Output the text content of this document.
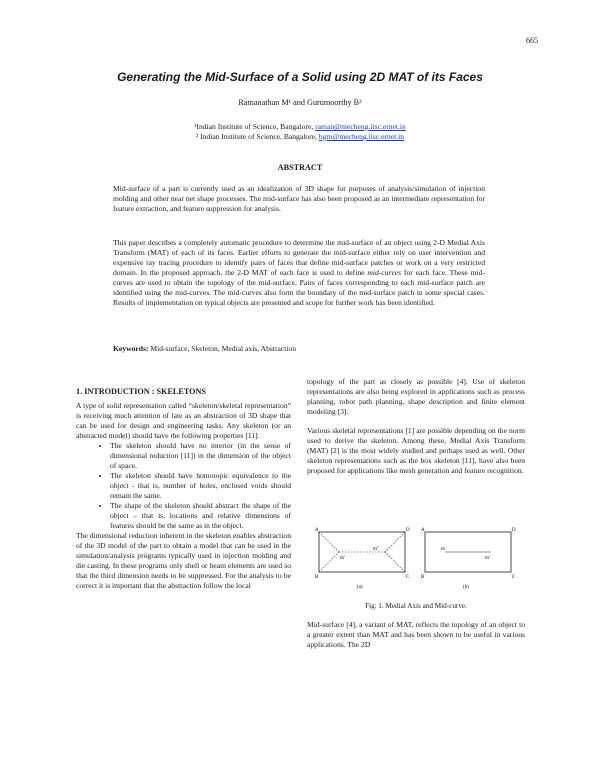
665
Generating the Mid-Surface of a Solid using 2D MAT of its Faces
Ramanathan M¹ and Gurumoorthy B²
¹Indian Institute of Science, Bangalore, raman@mecheng.iisc.ernet.in
² Indian Institute of Science, Bangalore, bgm@mecheng.iisc.ernet.in
ABSTRACT
Mid-surface of a part is currently used as an idealization of 3D shape for purposes of analysis/simulation of injection molding and other near net shape processes. The mid-surface has also been proposed as an intermediate representation for feature extraction, and feature suppression for analysis.
This paper describes a completely automatic procedure to determine the mid-surface of an object using 2-D Medial Axis Transform (MAT) of each of its faces. Earlier efforts to generate the mid-surface either rely on user intervention and expensive ray tracing procedure to identify pairs of faces that define mid-surface patches or work on a very restricted domain. In the proposed approach, the 2-D MAT of each face is used to define mid-curves for each face. These mid-curves are used to obtain the topology of the mid-surface. Pairs of faces corresponding to each mid-surface patch are identified using the mid-curves. The mid-curves also form the boundary of the mid-surface patch in some special cases. Results of implementation on typical objects are presented and scope for further work has been identified.
Keywords: Mid-surface, Skeleton, Medial axis, Abstraction
1. INTRODUCTION : SKELETONS

A type of solid representation called “skeleton/skeletal representation” is receiving much attention of late as an abstraction of 3D shape that can be used for design and engineering tasks. Any skeleton (or an abstracted model) should have the following properties [11].

• The skeleton should have no interior (in the sense of dimensional reduction [11]) in the dimension of the object of space.
• The skeleton should have homotopic equivalence to the object - that is, number of holes, enclosed voids should remain the same.
• The shape of the skeleton should abstract the shape of the object – that is, locations and relative dimensions of features should be the same as in the object.

The dimensional reduction inherent in the skeleton enables abstraction of the 3D model of the part to obtain a model that can be used in the simulation/analysis programs typically used in injection molding and die casting. In these programs only shell or beam elements are used so that the third dimension needs to be suppressed. For the analysis to be correct it is important that the abstraction follow the local

topology of the part as closely as possible [4]. Use of skeleton representations are also being explored in applications such as process planning, robot path planning, shape description and finite element modeling [3].

Various skeletal representations [1] are possible depending on the norm used to derive the skeleton. Among these, Medial Axis Transform (MAT) [2] is the most widely studied and perhaps used as well. Other skeleton representations such as the box skeleton [11], have also been proposed for applications like mesh generation and feature recognition.

A
B	C
D
m'
m"
(a)
A
B	C
D
m
m'
(b)
Fig. 1. Medial Axis and Mid-curve.

Mid-surface [4], a variant of MAT, reflects the topology of an object to a greater extent than MAT and has been shown to be useful in various applications. The 2D
